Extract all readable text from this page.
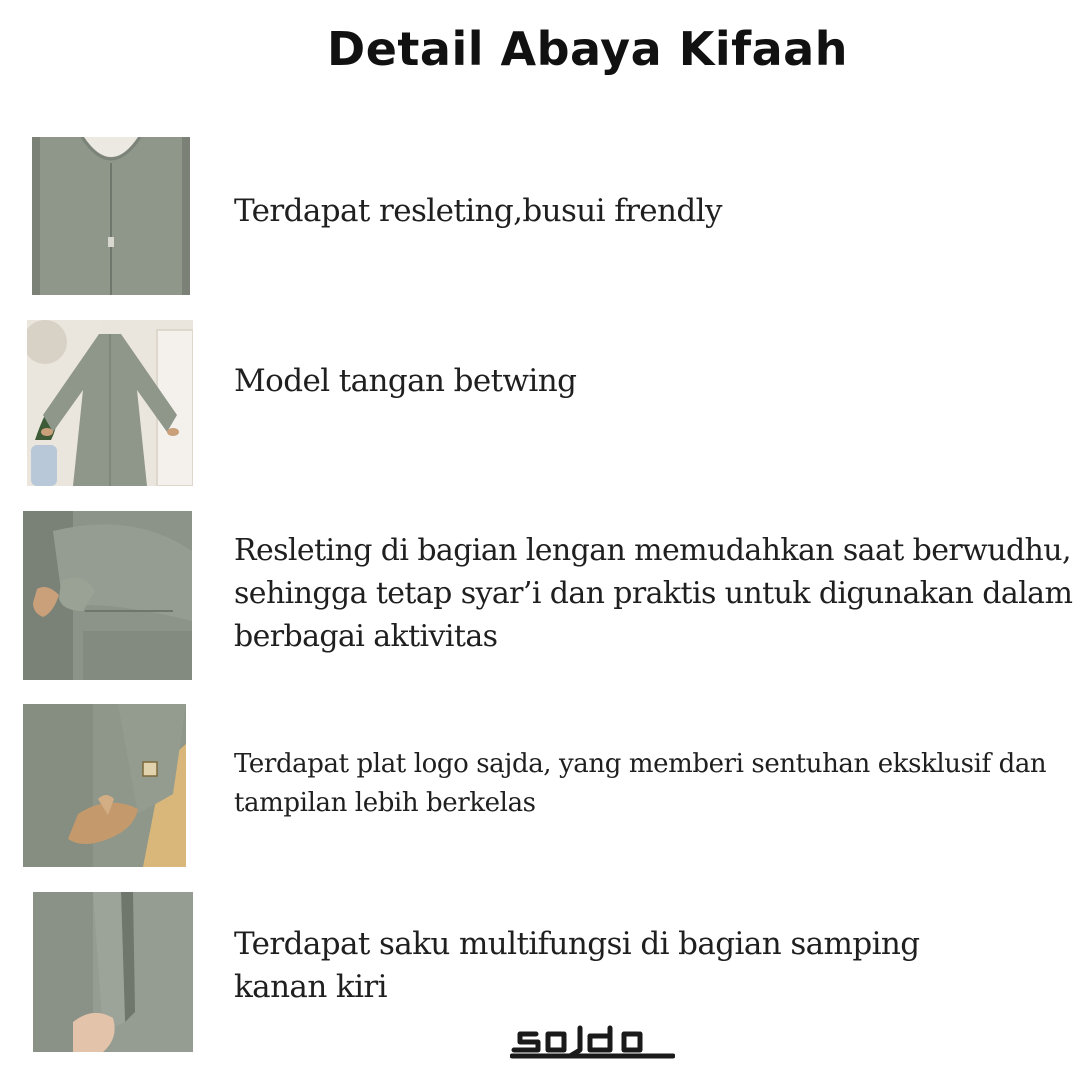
Detail Abaya Kifaah
Terdapat resleting,busui frendly
Model tangan betwing
Resleting di bagian lengan memudahkan saat berwudhu,
sehingga tetap syar’i dan praktis untuk digunakan dalam
berbagai aktivitas
Terdapat plat logo sajda, yang memberi sentuhan eksklusif dan
tampilan lebih berkelas
Terdapat saku multifungsi di bagian samping
kanan kiri
